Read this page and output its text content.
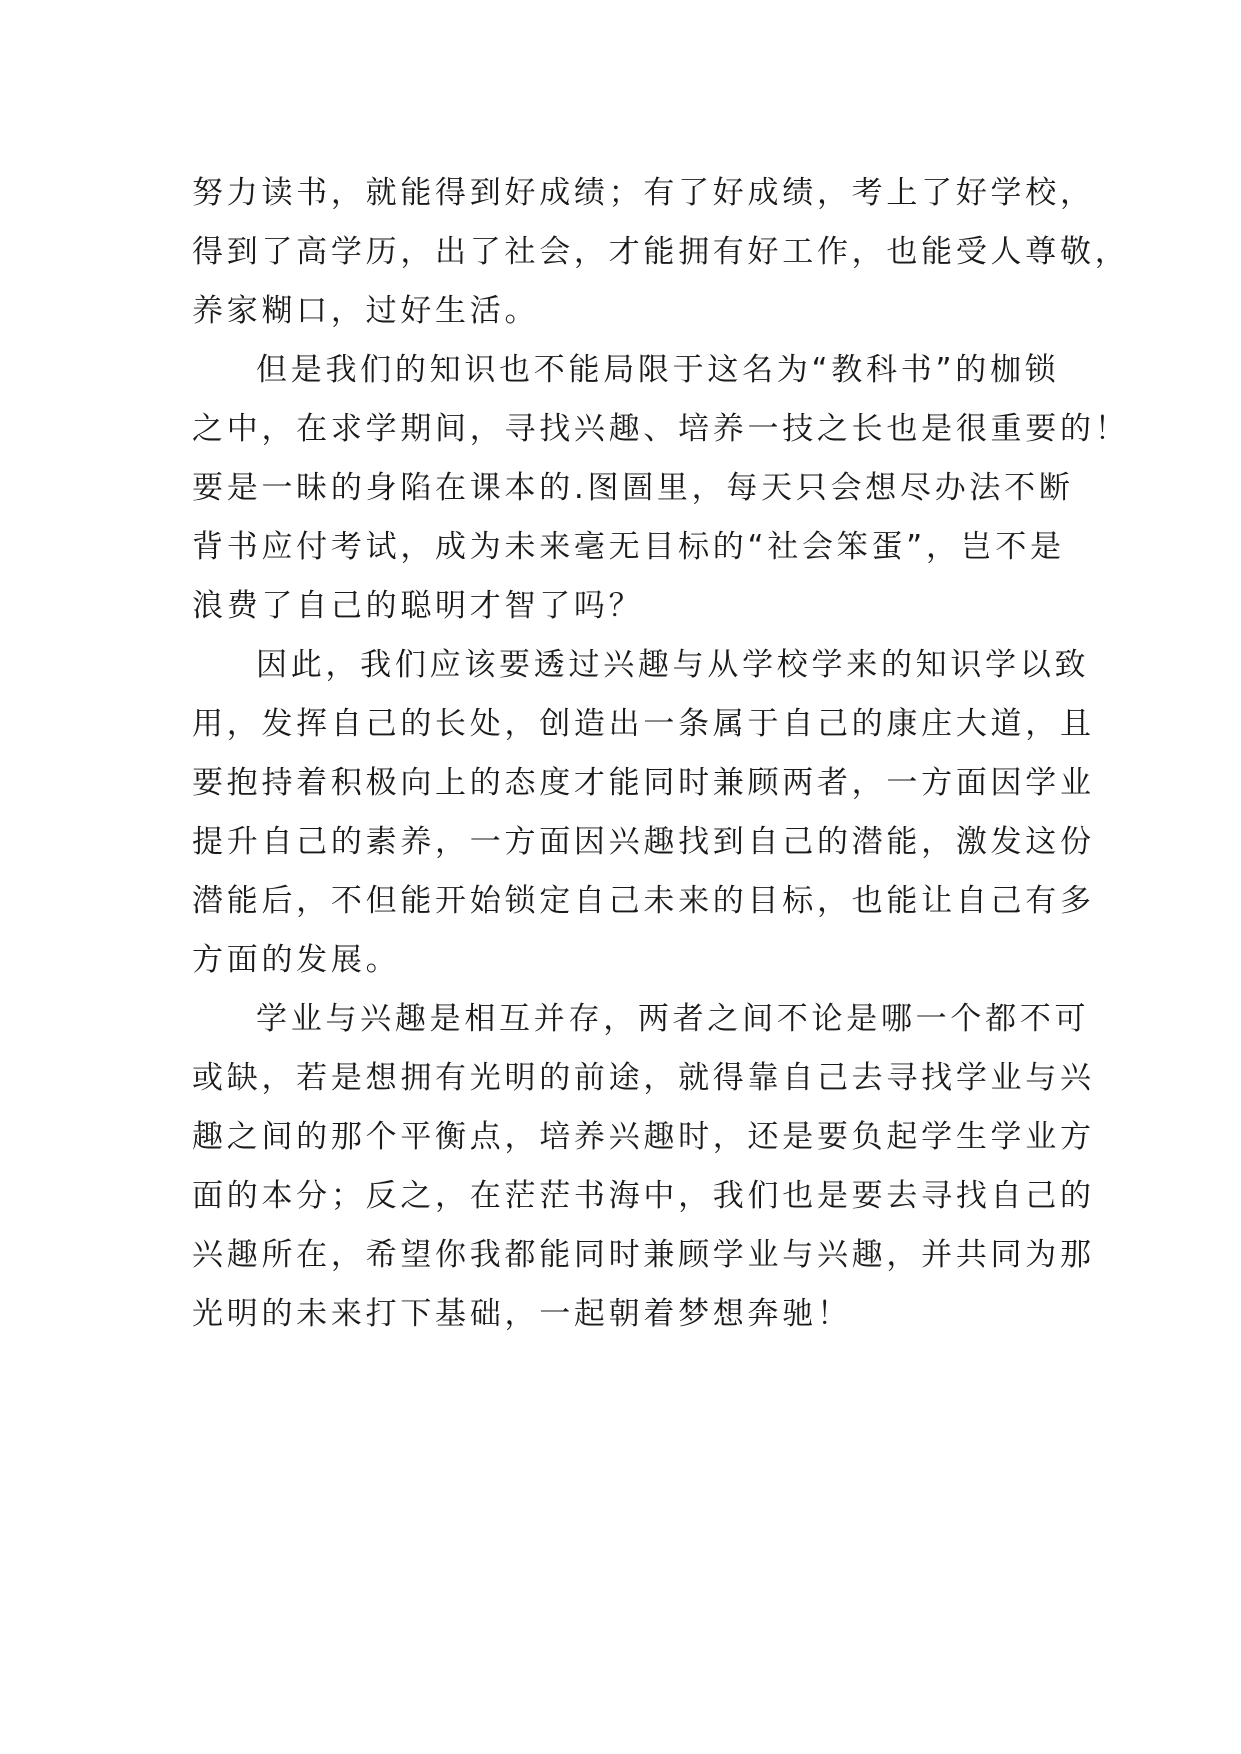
努力读书，就能得到好成绩；有了好成绩，考上了好学校，
得到了高学历，出了社会，才能拥有好工作，也能受人尊敬，
养家糊口，过好生活。
但是我们的知识也不能局限于这名为“教科书”的枷锁
之中，在求学期间，寻找兴趣、培养一技之长也是很重要的！
要是一昧的身陷在课本的.图圄里，每天只会想尽办法不断
背书应付考试，成为未来毫无目标的“社会笨蛋”，岂不是
浪费了自己的聪明才智了吗？
因此，我们应该要透过兴趣与从学校学来的知识学以致
用，发挥自己的长处，创造出一条属于自己的康庄大道，且
要抱持着积极向上的态度才能同时兼顾两者，一方面因学业
提升自己的素养，一方面因兴趣找到自己的潜能，激发这份
潜能后，不但能开始锁定自己未来的目标，也能让自己有多
方面的发展。
学业与兴趣是相互并存，两者之间不论是哪一个都不可
或缺，若是想拥有光明的前途，就得靠自己去寻找学业与兴
趣之间的那个平衡点，培养兴趣时，还是要负起学生学业方
面的本分；反之，在茫茫书海中，我们也是要去寻找自己的
兴趣所在，希望你我都能同时兼顾学业与兴趣，并共同为那
光明的未来打下基础，一起朝着梦想奔驰！
